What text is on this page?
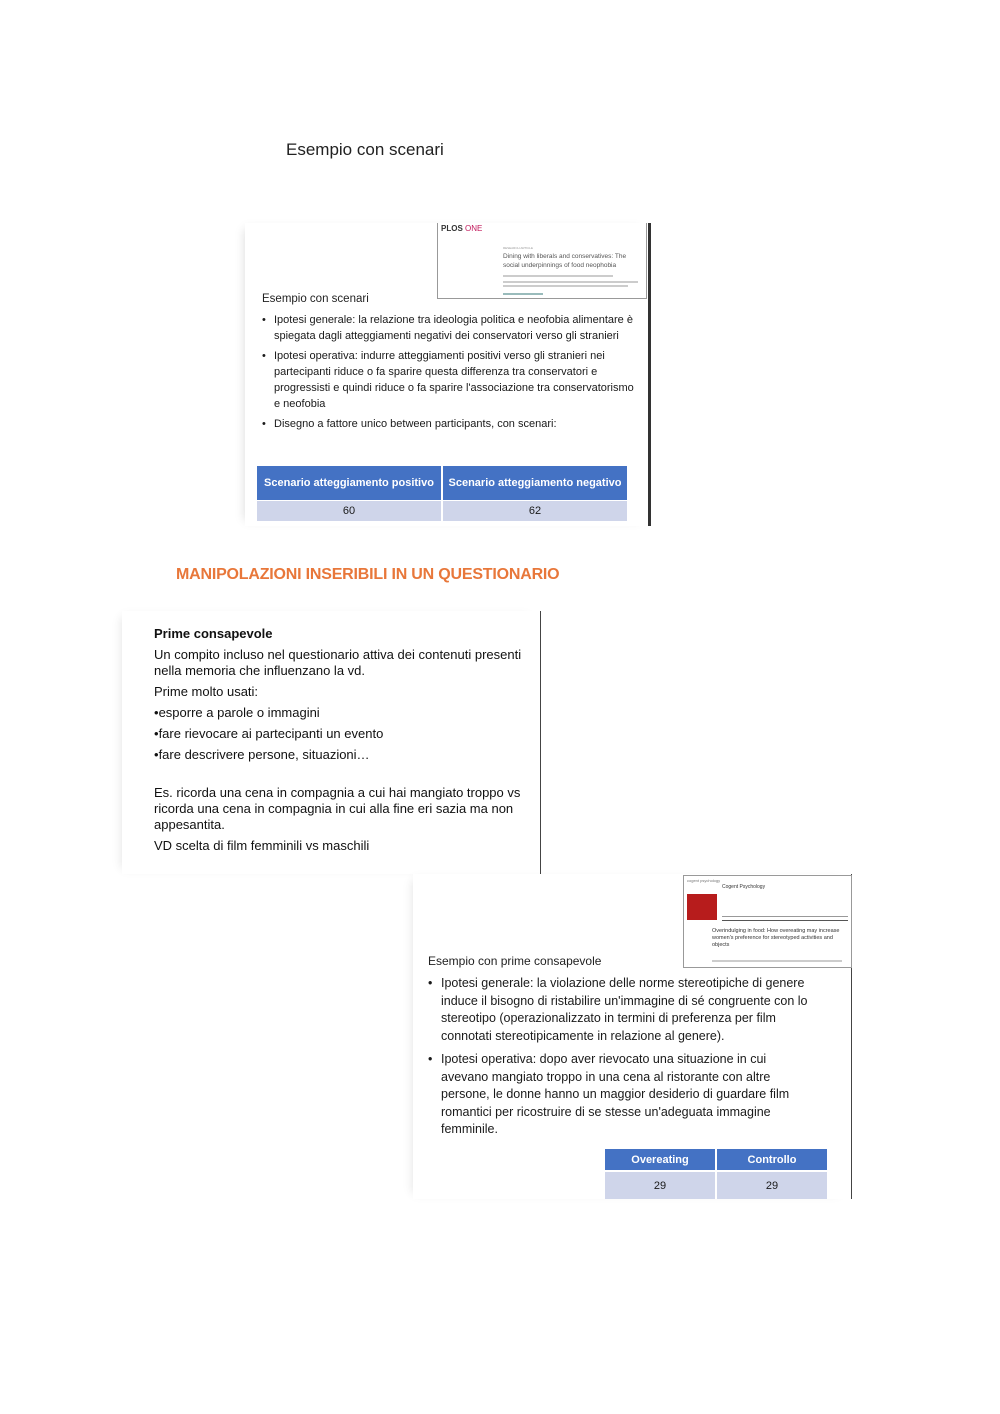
Esempio con scenari
PLOS ONE
RESEARCH ARTICLE
Dining with liberals and conservatives: The social underpinnings of food neophobia
Esempio con scenari
• Ipotesi generale: la relazione tra ideologia politica e neofobia alimentare è spiegata dagli atteggiamenti negativi dei conservatori verso gli stranieri
• Ipotesi operativa: indurre atteggiamenti positivi verso gli stranieri nei partecipanti riduce o fa sparire questa differenza tra conservatori e progressisti e quindi riduce o fa sparire l'associazione tra conservatorismo e neofobia
• Disegno a fattore unico between participants, con scenari:
Scenario atteggiamento positivo	Scenario atteggiamento negativo
60	62
MANIPOLAZIONI INSERIBILI IN UN QUESTIONARIO

Prime consapevole

Un compito incluso nel questionario attiva dei contenuti presenti nella memoria che influenzano la vd.

Prime molto usati:

•esporre a parole o immagini

•fare rievocare ai partecipanti un evento

•fare descrivere persone, situazioni…

Es. ricorda una cena in compagnia a cui hai mangiato troppo vs ricorda una cena in compagnia in cui alla fine eri sazia ma non appesantita.

VD scelta di film femminili vs maschili

cogent psychology
Cogent Psychology
Overindulging in food: How overeating may increase women's preference for stereotyped activities and objects
Esempio con prime consapevole
• Ipotesi generale: la violazione delle norme stereotipiche di genere induce il bisogno di ristabilire un'immagine di sé congruente con lo stereotipo (operazionalizzato in termini di preferenza per film connotati stereotipicamente in relazione al genere).
• Ipotesi operativa: dopo aver rievocato una situazione in cui avevano mangiato troppo in una cena al ristorante con altre persone, le donne hanno un maggior desiderio di guardare film romantici per ricostruire di se stesse un'adeguata immagine femminile.
Overeating	Controllo
29	29
